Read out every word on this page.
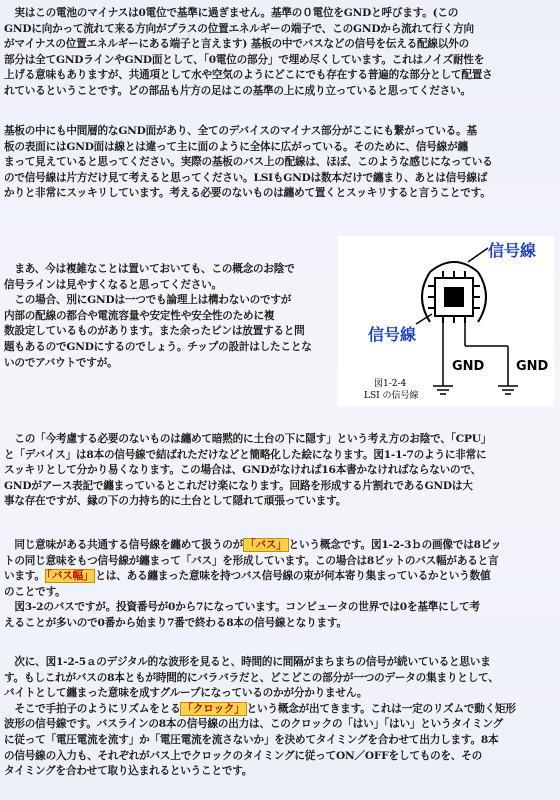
　実はこの電池のマイナスは0電位で基準に過ぎません。基準の０電位をGNDと呼びます。(この
GNDに向かって流れて来る方向がプラスの位置エネルギーの端子で、このGNDから流れて行く方向
がマイナスの位置エネルギーにある端子と言えます) 基板の中でバスなどの信号を伝える配線以外の
部分は全てGNDラインやGND面として、「0電位の部分」で埋め尽くしています。これはノイズ耐性を
上げる意味もありますが、共通項として水や空気のようにどこにでも存在する普遍的な部分として配置さ
れているということです。どの部品も片方の足はこの基準の上に成り立っていると思ってください。

基板の中にも中間層的なGND面があり、全てのデバイスのマイナス部分がここにも繋がっている。基
板の表面にはGND面は線とは違って主に面のように全体に広がっている。そのために、信号線が纏
まって見えていると思ってください。実際の基板のバス上の配線は、ほぼ、このような感じになっている
ので信号線は片方だけ見て考えると思ってください。LSIもGNDは数本だけで纏まり、あとは信号線ば
かりと非常にスッキリしています。考える必要のないものは纏めて置くとスッキリすると言うことです。

　まあ、今は複雑なことは置いておいても、この概念のお陰で
信号ラインは見やすくなると思ってください。
　この場合、別にGNDは一つでも論理上は構わないのですが
内部の配線の都合や電流容量や安定性や安全性のために複
数設定しているものがあります。また余ったピンは放置すると問
題もあるのでGNDにするのでしょう。チップの設計はしたことな
いのでアバウトですが。

信号線
信号線
GND GND
図1-2-4
LSI の信号線

　この「今考慮する必要のないものは纏めて暗黙的に土台の下に隠す」という考え方のお陰で、「CPU」
と「デバイス」は8本の信号線で結ばれただけなどと簡略化した絵になります。図1-1-7のように非常に
スッキリとして分かり易くなります。この場合は、GNDがなければ16本書かなければならないので、
GNDがアース表記で纏まっているとこれだけ楽になります。回路を形成する片割れであるGNDは大
事な存在ですが、縁の下の力持ち的に土台として隠れて頑張っています。

　同じ意味がある共通する信号線を纏めて扱うのが 「バス」 という概念です。図1-2-3ｂの画像では8ビッ
トの同じ意味をもつ信号線が纏まって「バス」を形成しています。この場合は8ビットのバス幅があると言
います。 「バス幅」 とは、ある纏まった意味を持つバス信号線の束が何本寄り集まっているかという数値
のことです。
　図3-2のバスですが。投資番号が0から7になっています。コンピュータの世界では0を基準にして考
えることが多いので0番から始まり7番で終わる8本の信号線となります。

　次に、図1-2-5ａのデジタル的な波形を見ると、時間的に間隔がまちまちの信号が続いていると思いま
す。もしこれがバスの8本ともが時間的にバラバラだと、どこどこの部分が一つのデータの集まりとして、
バイトとして纏まった意味を成すグループになっているのかが分かりません。
　そこで手拍子のようにリズムをとる 「クロック」 という概念が出てきます。これは一定のリズムで動く矩形
波形の信号線です。バスラインの8本の信号線の出力は、このクロックの「はい」「はい」というタイミング
に従って「電圧電流を流す」か「電圧電流を流さないか」を決めてタイミングを合わせて出力します。8本
の信号線の入力も、それぞれがバス上でクロックのタイミングに従ってON／OFFをしてものを、その
タイミングを合わせて取り込まれるということです。
